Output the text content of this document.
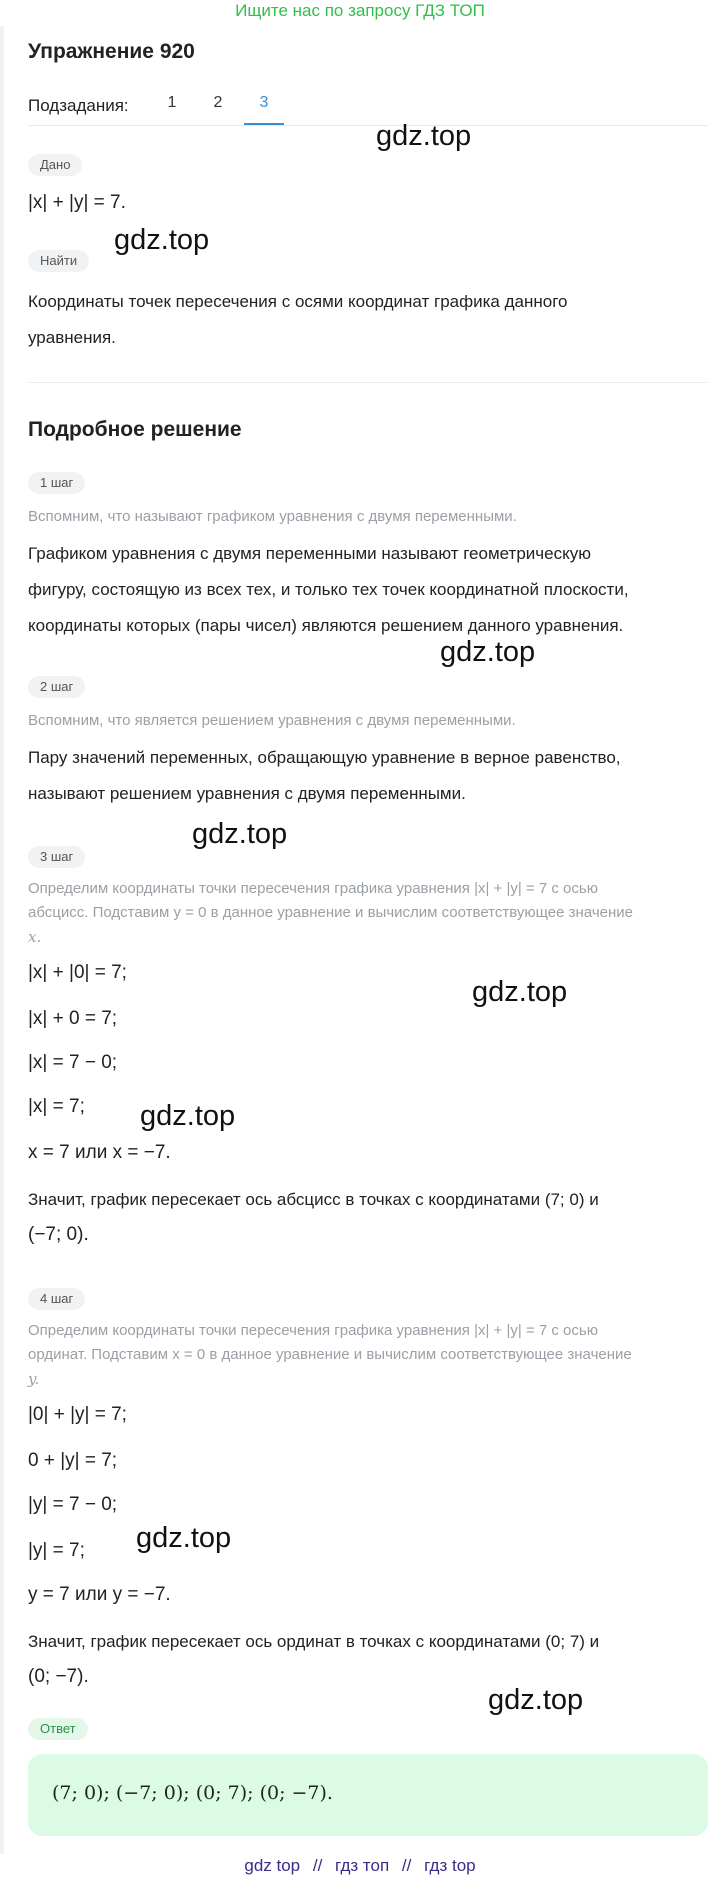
Ищите нас по запросу ГДЗ ТОП
Упражнение 920
Подзадания:	1	2	3
Дано
|x| + |y| = 7.
Найти
Координаты точек пересечения с осями координат графика данного
уравнения.
Подробное решение
1 шаг
Вспомним, что называют графиком уравнения с двумя переменными.
Графиком уравнения с двумя переменными называют геометрическую
фигуру, состоящую из всех тех, и только тех точек координатной плоскости,
координаты которых (пары чисел) являются решением данного уравнения.
2 шаг
Вспомним, что является решением уравнения с двумя переменными.
Пару значений переменных, обращающую уравнение в верное равенство,
называют решением уравнения с двумя переменными.
3 шаг
Определим координаты точки пересечения графика уравнения |x| + |y| = 7 с осью
абсцисс. Подставим y = 0 в данное уравнение и вычислим соответствующее значение
x.
|x| + |0| = 7;
|x| + 0 = 7;
|x| = 7 − 0;
|x| = 7;
x = 7 или x = −7.
Значит, график пересекает ось абсцисс в точках с координатами (7; 0) и
(−7; 0).
4 шаг
Определим координаты точки пересечения графика уравнения |x| + |y| = 7 с осью
ординат. Подставим x = 0 в данное уравнение и вычислим соответствующее значение
y.
|0| + |y| = 7;
0 + |y| = 7;
|y| = 7 − 0;
|y| = 7;
y = 7 или y = −7.
Значит, график пересекает ось ординат в точках с координатами (0; 7) и
(0; −7).
Ответ
(7; 0); (−7; 0); (0; 7); (0; −7).
gdz.top
gdz.top
gdz.top
gdz.top
gdz.top
gdz.top
gdz.top
gdz.top
gdz top // гдз топ // гдз top
